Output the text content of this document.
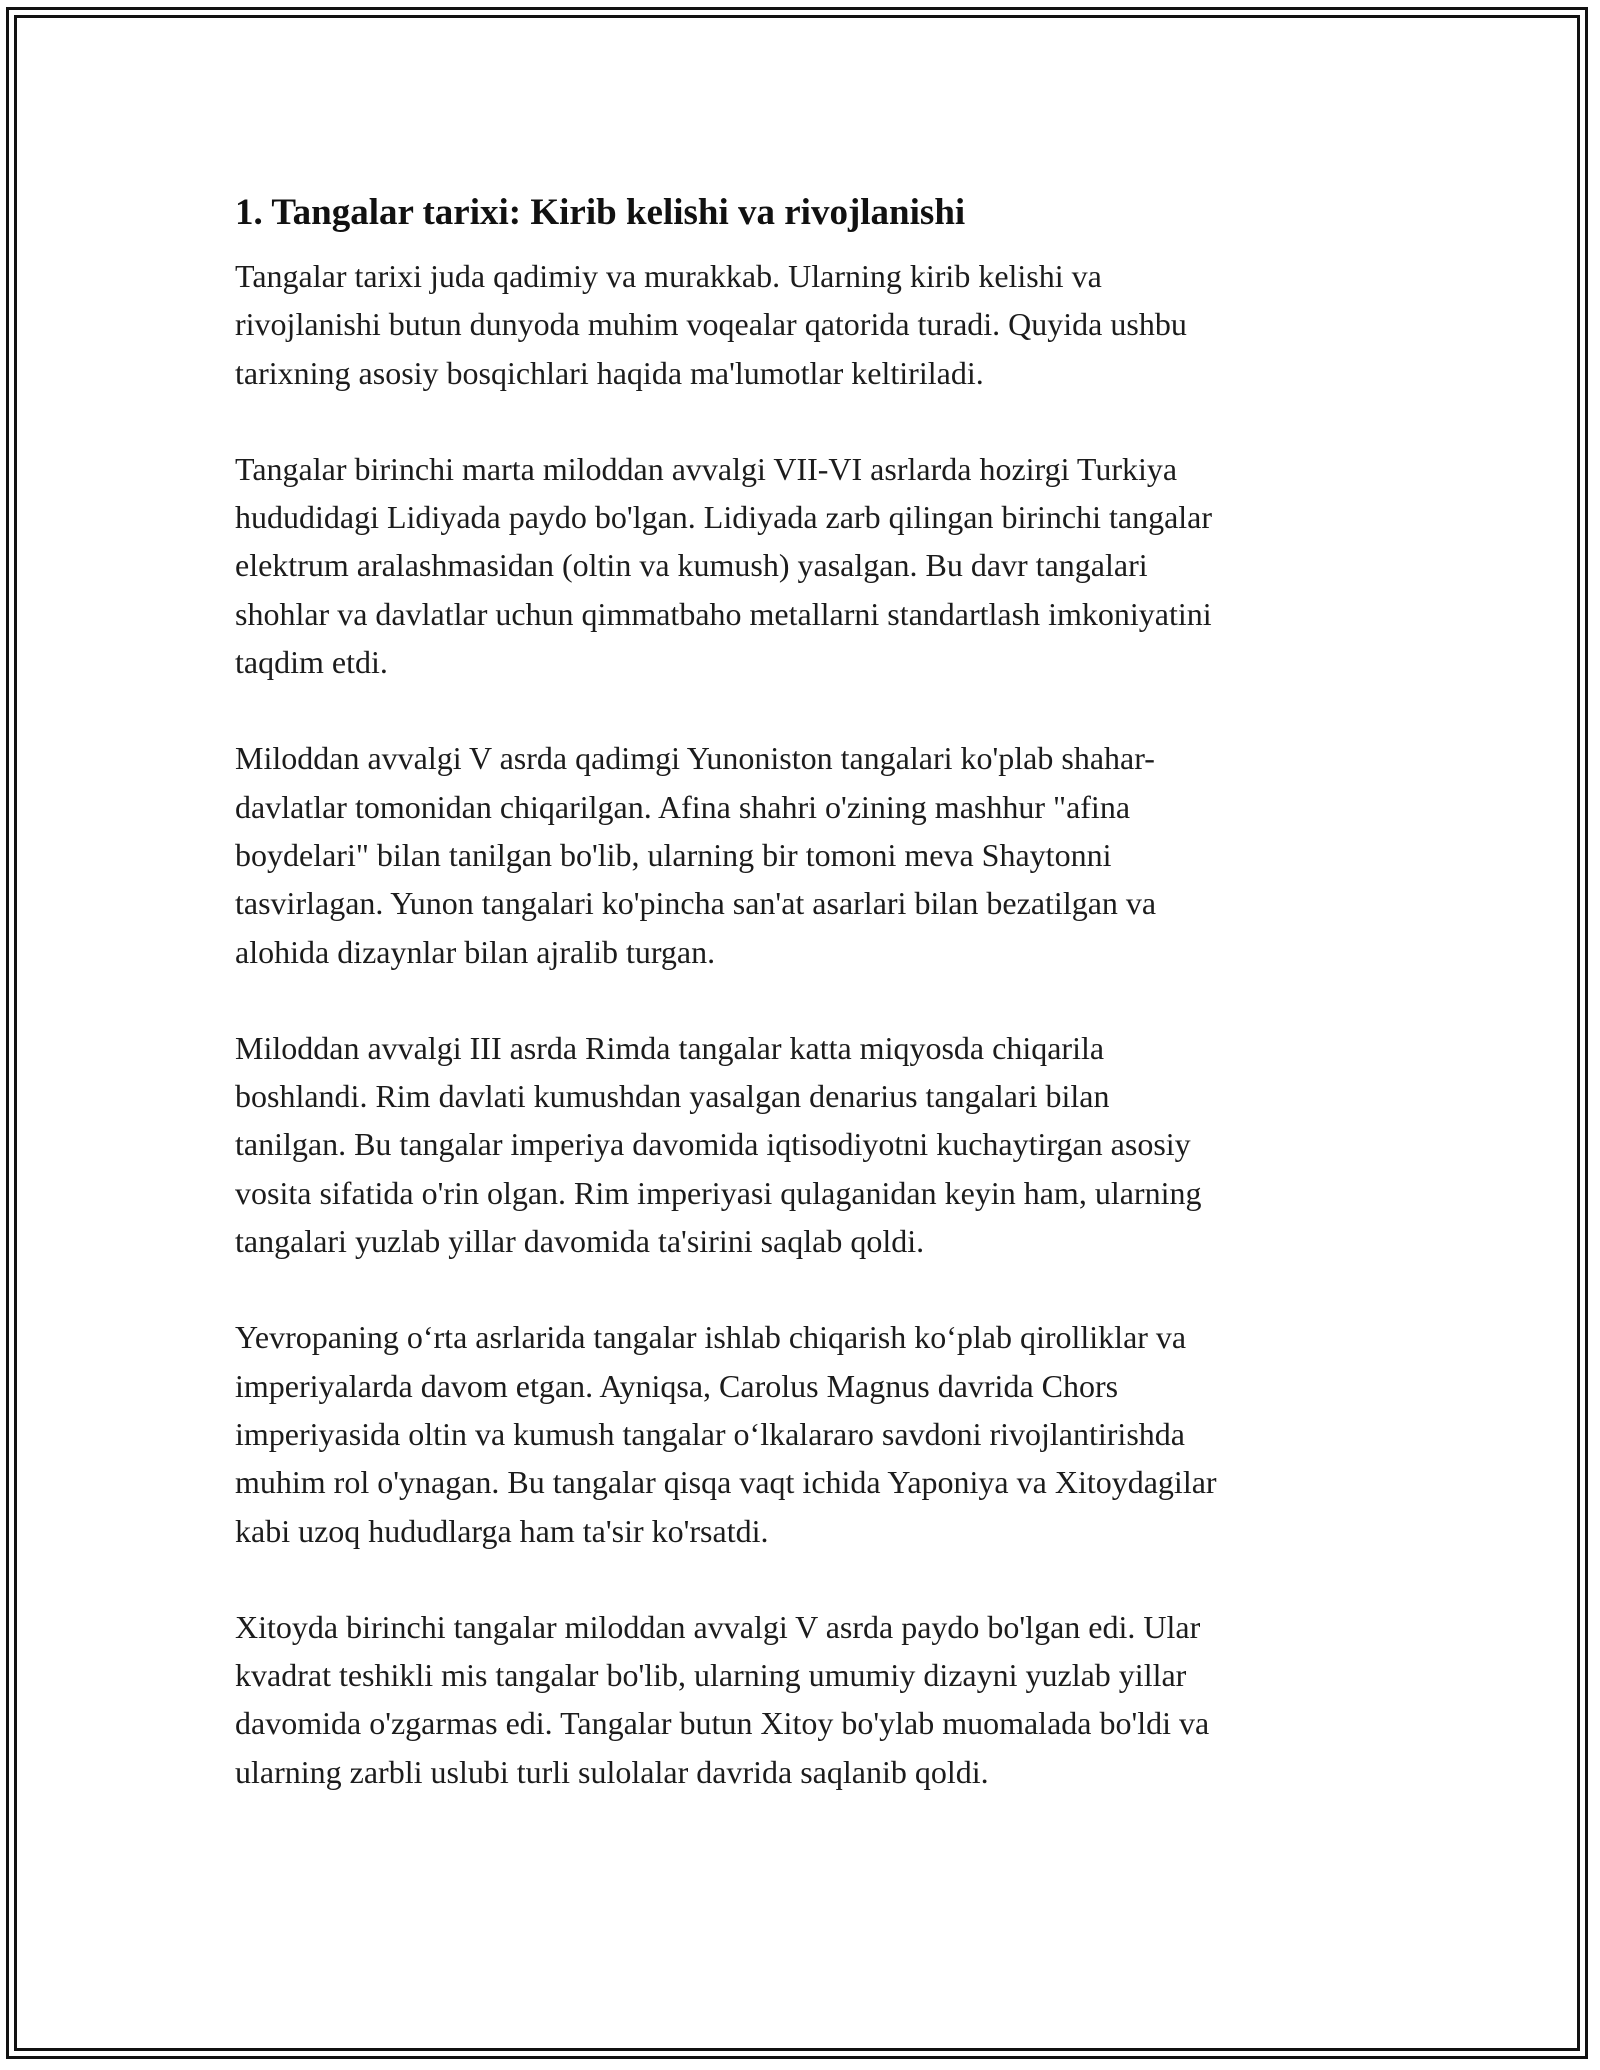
1. Tangalar tarixi: Kirib kelishi va rivojlanishi

Tangalar tarixi juda qadimiy va murakkab. Ularning kirib kelishi va
rivojlanishi butun dunyoda muhim voqealar qatorida turadi. Quyida ushbu
tarixning asosiy bosqichlari haqida ma'lumotlar keltiriladi.

Tangalar birinchi marta miloddan avvalgi VII-VI asrlarda hozirgi Turkiya
hududidagi Lidiyada paydo bo'lgan. Lidiyada zarb qilingan birinchi tangalar
elektrum aralashmasidan (oltin va kumush) yasalgan. Bu davr tangalari
shohlar va davlatlar uchun qimmatbaho metallarni standartlash imkoniyatini
taqdim etdi.

Miloddan avvalgi V asrda qadimgi Yunoniston tangalari ko'plab shahar-
davlatlar tomonidan chiqarilgan. Afina shahri o'zining mashhur "afina
boydelari" bilan tanilgan bo'lib, ularning bir tomoni meva Shaytonni
tasvirlagan. Yunon tangalari ko'pincha san'at asarlari bilan bezatilgan va
alohida dizaynlar bilan ajralib turgan.

Miloddan avvalgi III asrda Rimda tangalar katta miqyosda chiqarila
boshlandi. Rim davlati kumushdan yasalgan denarius tangalari bilan
tanilgan. Bu tangalar imperiya davomida iqtisodiyotni kuchaytirgan asosiy
vosita sifatida o'rin olgan. Rim imperiyasi qulaganidan keyin ham, ularning
tangalari yuzlab yillar davomida ta'sirini saqlab qoldi.

Yevropaning o‘rta asrlarida tangalar ishlab chiqarish ko‘plab qirolliklar va
imperiyalarda davom etgan. Ayniqsa, Carolus Magnus davrida Chors
imperiyasida oltin va kumush tangalar o‘lkalararo savdoni rivojlantirishda
muhim rol o'ynagan. Bu tangalar qisqa vaqt ichida Yaponiya va Xitoydagilar
kabi uzoq hududlarga ham ta'sir ko'rsatdi.

Xitoyda birinchi tangalar miloddan avvalgi V asrda paydo bo'lgan edi. Ular
kvadrat teshikli mis tangalar bo'lib, ularning umumiy dizayni yuzlab yillar
davomida o'zgarmas edi. Tangalar butun Xitoy bo'ylab muomalada bo'ldi va
ularning zarbli uslubi turli sulolalar davrida saqlanib qoldi.
